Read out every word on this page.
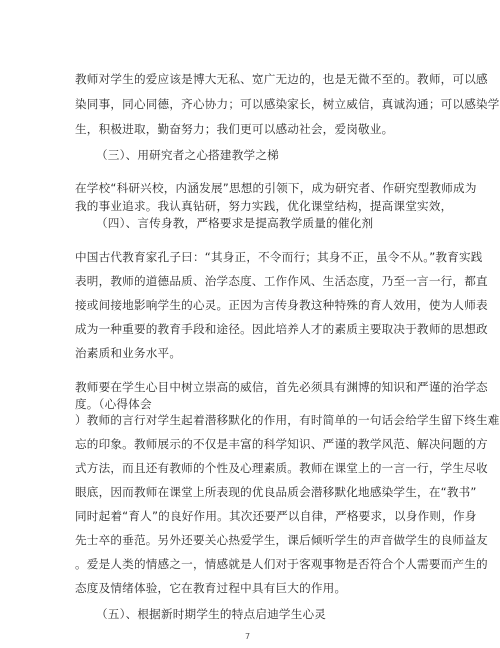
教师对学生的爱应该是博大无私、宽广无边的，也是无微不至的。教师，可以感
染同事，同心同德，齐心协力；可以感染家长，树立威信，真诚沟通；可以感染学
生，积极进取，勤奋努力；我们更可以感动社会，爱岗敬业。
（三）、用研究者之心搭建教学之梯
在学校“科研兴校，内涵发展”思想的引领下，成为研究者、作研究型教师成为
我的事业追求。我认真钻研，努力实践，优化课堂结构，提高课堂实效，
（四）、言传身教，严格要求是提高教学质量的催化剂
中国古代教育家孔子曰：“其身正，不令而行；其身不正，虽令不从。”教育实践
表明，教师的道德品质、治学态度、工作作风、生活态度，乃至一言一行，都直
接或间接地影响学生的心灵。正因为言传身教这种特殊的育人效用，使为人师表
成为一种重要的教育手段和途径。因此培养人才的素质主要取决于教师的思想政
治素质和业务水平。
教师要在学生心目中树立崇高的威信，首先必须具有渊博的知识和严谨的治学态
度。（心得体会
）教师的言行对学生起着潜移默化的作用，有时简单的一句话会给学生留下终生难
忘的印象。教师展示的不仅是丰富的科学知识、严谨的教学风范、解决问题的方
式方法，而且还有教师的个性及心理素质。教师在课堂上的一言一行，学生尽收
眼底，因而教师在课堂上所表现的优良品质会潜移默化地感染学生，在“教书”
同时起着“育人”的良好作用。其次还要严以自律，严格要求，以身作则，作身
先士卒的垂范。另外还要关心热爱学生，课后倾听学生的声音做学生的良师益友
。爱是人类的情感之一，情感就是人们对于客观事物是否符合个人需要而产生的
态度及情绪体验，它在教育过程中具有巨大的作用。
（五）、根据新时期学生的特点启迪学生心灵
7
